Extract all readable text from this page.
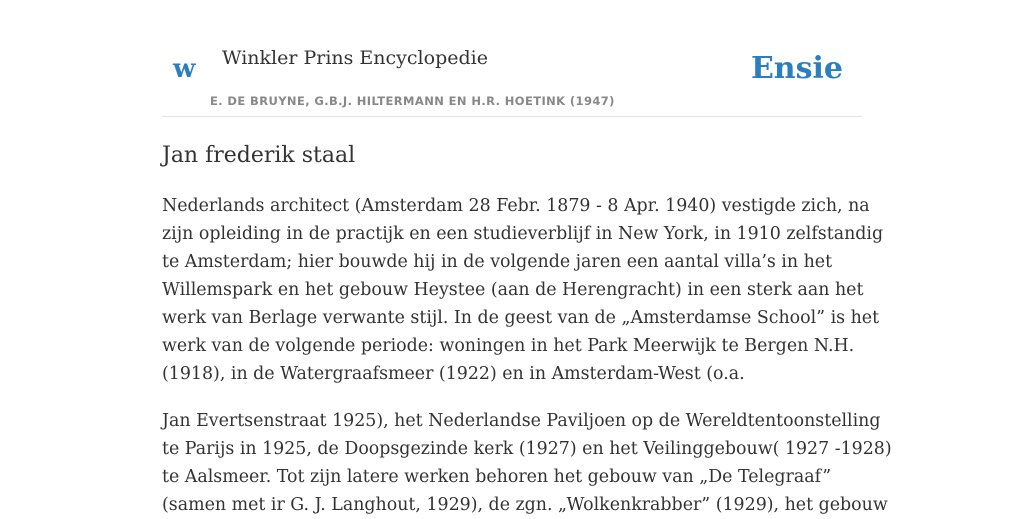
w Winkler Prins Encyclopedie
E. DE BRUYNE, G.B.J. HILTERMANN EN H.R. HOETINK (1947)
Ensie
Jan frederik staal

Nederlands architect (Amsterdam 28 Febr. 1879 - 8 Apr. 1940) vestigde zich, na
zijn opleiding in de practijk en een studieverblijf in New York, in 1910 zelfstandig
te Amsterdam; hier bouwde hij in de volgende jaren een aantal villa’s in het
Willemspark en het gebouw Heystee (aan de Herengracht) in een sterk aan het
werk van Berlage verwante stijl. In de geest van de „Amsterdamse School” is het
werk van de volgende periode: woningen in het Park Meerwijk te Bergen N.H.
(1918), in de Watergraafsmeer (1922) en in Amsterdam-West (o.a.

Jan Evertsenstraat 1925), het Nederlandse Paviljoen op de Wereldtentoonstelling
te Parijs in 1925, de Doopsgezinde kerk (1927) en het Veilinggebouw( 1927 -1928)
te Aalsmeer. Tot zijn latere werken behoren het gebouw van „De Telegraaf”
(samen met ir G. J. Langhout, 1929), de zgn. „Wolkenkrabber” (1929), het gebouw
